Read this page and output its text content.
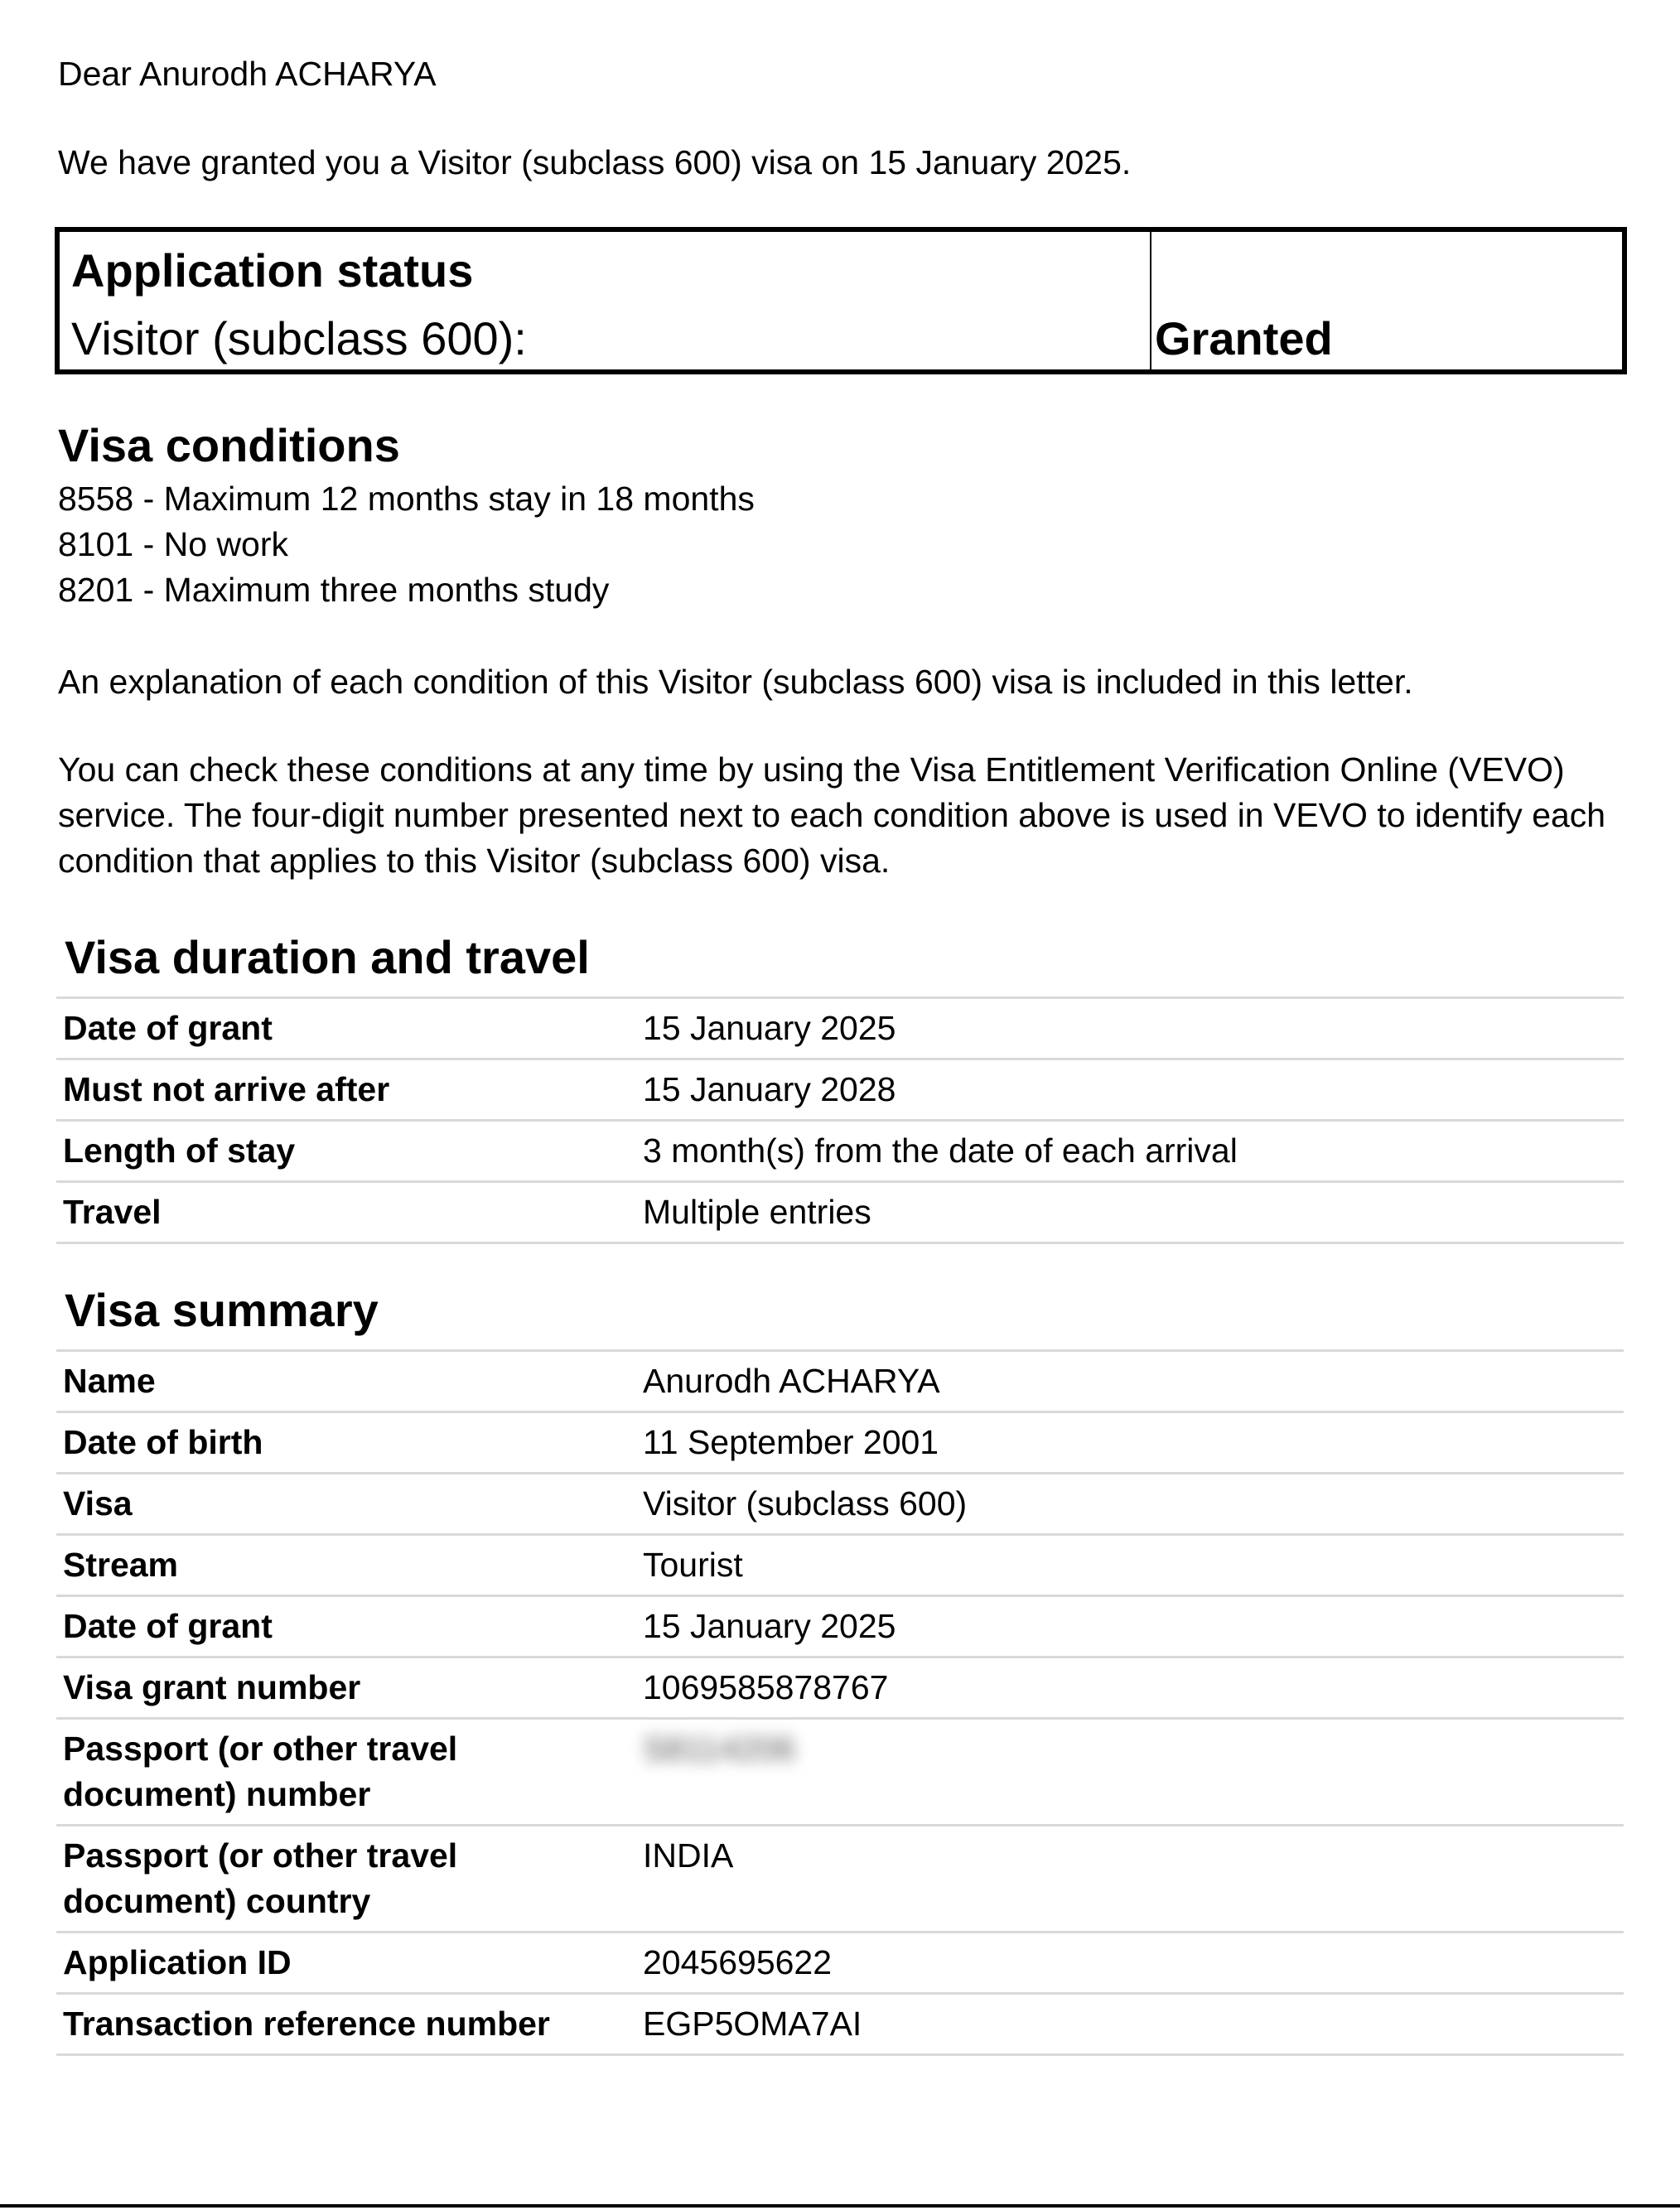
Dear Anurodh ACHARYA

We have granted you a Visitor (subclass 600) visa on 15 January 2025.

Application status
Visitor (subclass 600):	Granted
Visa conditions
8558 - Maximum 12 months stay in 18 months
8101 - No work
8201 - Maximum three months study

An explanation of each condition of this Visitor (subclass 600) visa is included in this letter.

You can check these conditions at any time by using the Visa Entitlement Verification Online (VEVO) service. The four-digit number presented next to each condition above is used in VEVO to identify each condition that applies to this Visitor (subclass 600) visa.

Visa duration and travel
Date of grant	15 January 2025
Must not arrive after	15 January 2028
Length of stay	3 month(s) from the date of each arrival
Travel	Multiple entries
Visa summary
Name	Anurodh ACHARYA
Date of birth	11 September 2001
Visa	Visitor (subclass 600)
Stream	Tourist
Date of grant	15 January 2025
Visa grant number	1069585878767
Passport (or other travel document) number	S8114206
Passport (or other travel document) country	INDIA
Application ID	2045695622
Transaction reference number	EGP5OMA7AI
